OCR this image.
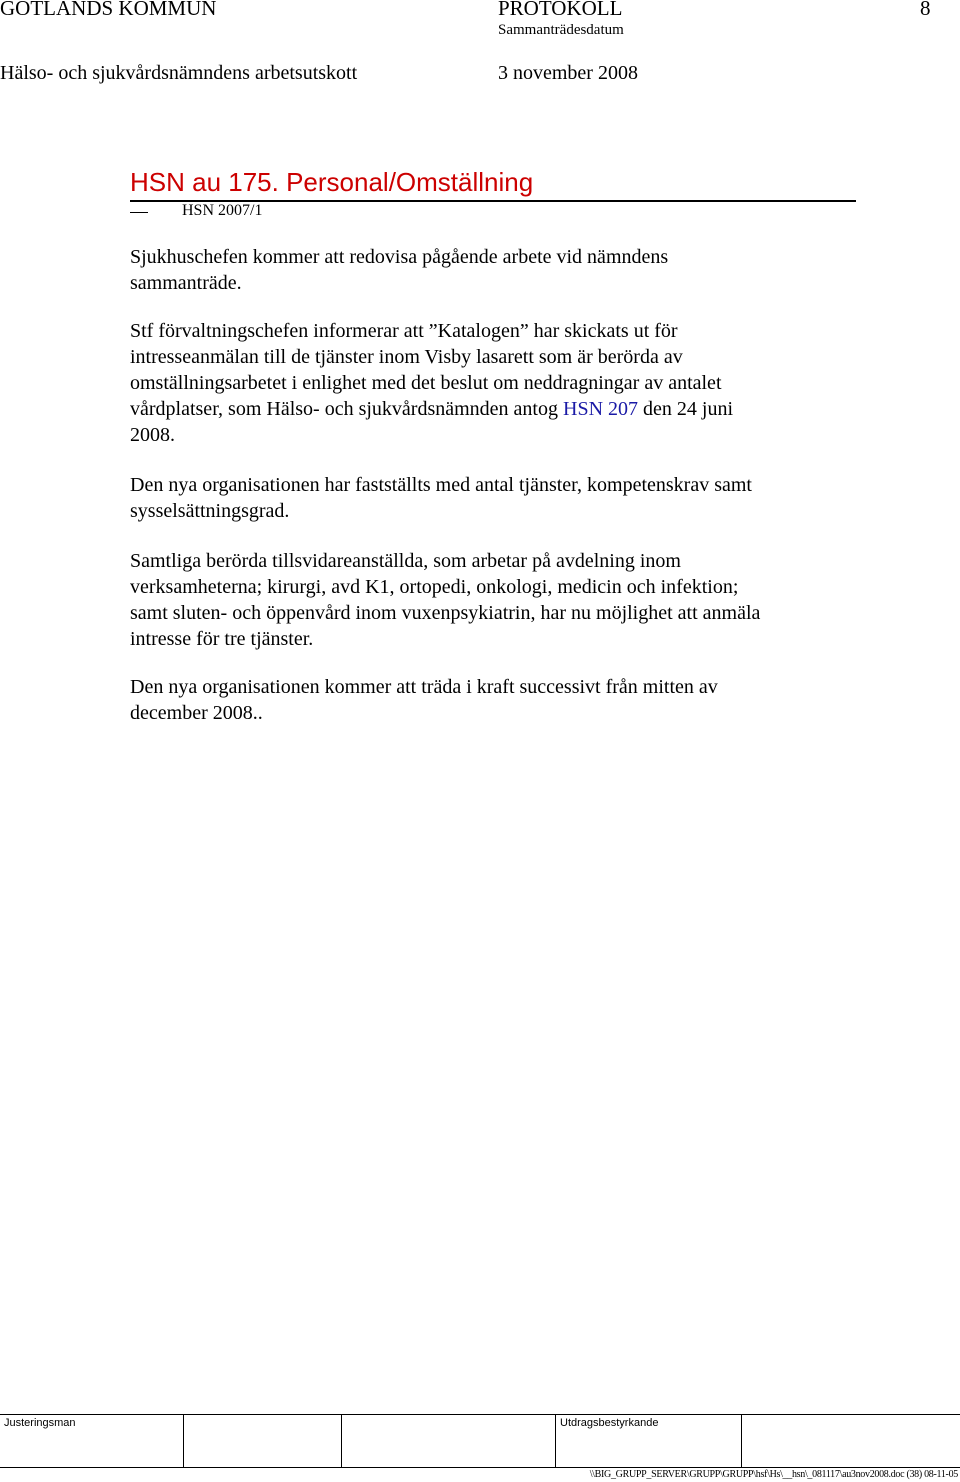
GOTLANDS KOMMUN	PROTOKOLL	8
Sammanträdesdatum
Hälso- och sjukvårdsnämndens arbetsutskott	3 november 2008
HSN au 175. Personal/Omställning
HSN 2007/1
Sjukhuschefen kommer att redovisa pågående arbete vid nämndens
sammanträde.
Stf förvaltningschefen informerar att ”Katalogen” har skickats ut för
intresseanmälan till de tjänster inom Visby lasarett som är berörda av
omställningsarbetet i enlighet med det beslut om neddragningar av antalet
vårdplatser, som Hälso- och sjukvårdsnämnden antog HSN 207 den 24 juni
2008.
Den nya organisationen har fastställts med antal tjänster, kompetenskrav samt
sysselsättningsgrad.
Samtliga berörda tillsvidareanställda, som arbetar på avdelning inom
verksamheterna; kirurgi, avd K1, ortopedi, onkologi, medicin och infektion;
samt sluten- och öppenvård inom vuxenpsykiatrin, har nu möjlighet att anmäla
intresse för tre tjänster.
Den nya organisationen kommer att träda i kraft successivt från mitten av
december 2008..
Justeringsman	Utdragsbestyrkande
\\BIG_GRUPP_SERVER\GRUPP\GRUPP\hsf\Hs\__hsn\_081117\au3nov2008.doc (38) 08-11-05
